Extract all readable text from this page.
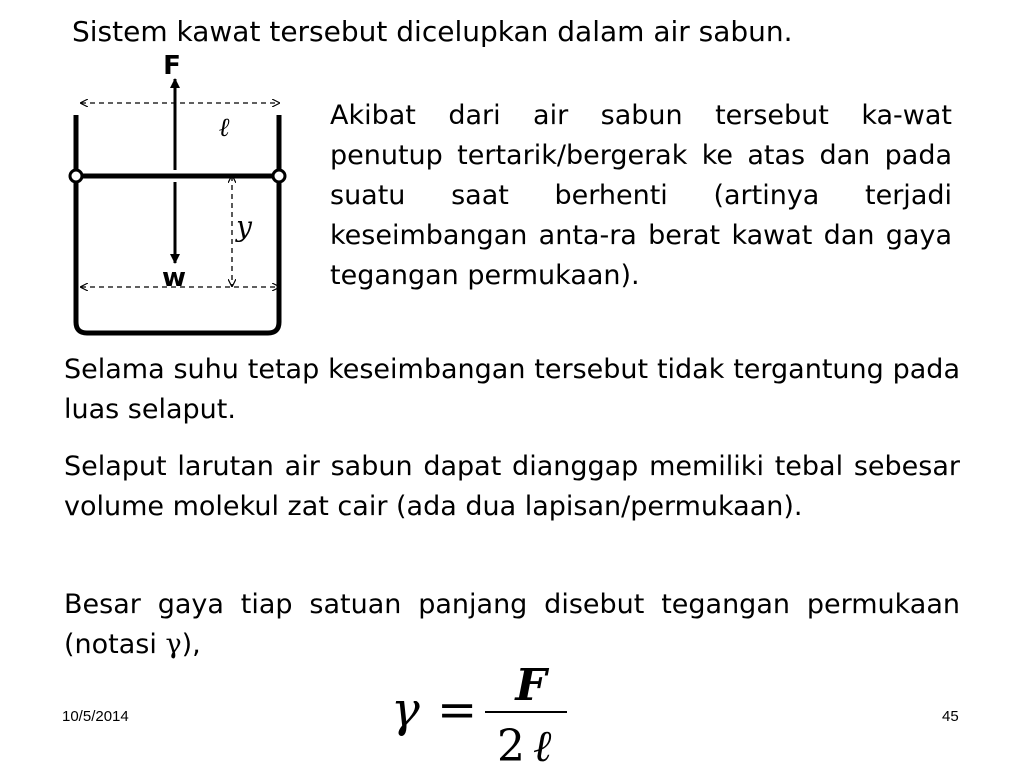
Sistem kawat tersebut dicelupkan dalam air sabun.
F
ℓ
y
w
Akibat dari air sabun tersebut ka-wat penutup tertarik/bergerak ke atas dan pada suatu saat berhenti (artinya terjadi keseimbangan anta-ra berat kawat dan gaya tegangan permukaan).
Selama suhu tetap keseimbangan tersebut tidak tergantung pada luas selaput.
Selaput larutan air sabun dapat dianggap memiliki tebal sebesar volume molekul zat cair (ada dua lapisan/permukaan).
Besar gaya tiap satuan panjang disebut tegangan permukaan (notasi γ),
γ = F
2 ℓ
10/5/2014	45
